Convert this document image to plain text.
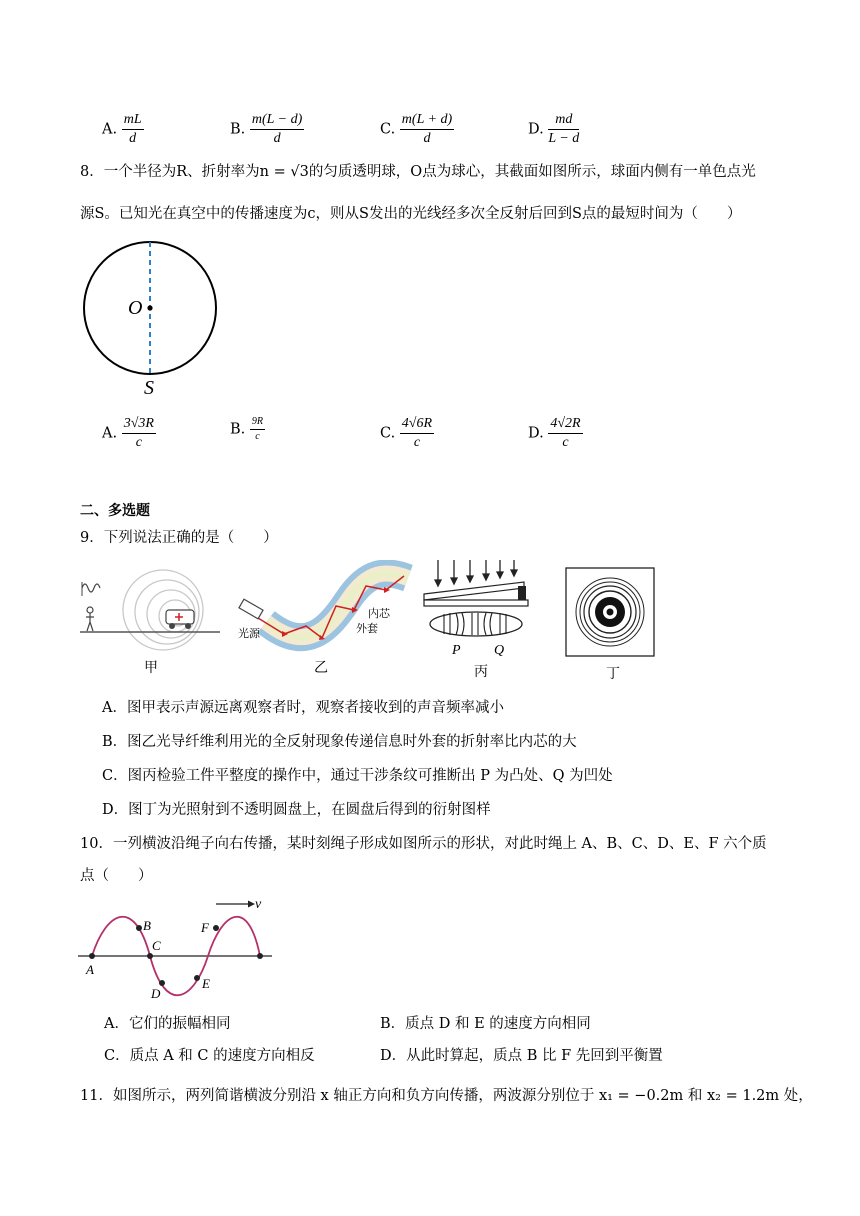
A. $\frac{mL}{d}$	B. $\frac{m(L - d)}{d}$	C. $\frac{m(L + d)}{d}$	D. $\frac{md}{L - d}$
8．一个半径为R、折射率为n = √3的匀质透明球，O点为球心，其截面如图所示，球面内侧有一单色点光
源S。已知光在真空中的传播速度为c，则从S发出的光线经多次全反射后回到S点的最短时间为（　　）
O
S
A. $\frac{3√3R}{c}$	B. $\frac{9R}{c}$	C. $\frac{4√6R}{c}$	D. $\frac{4√2R}{c}$
二、多选题
9．下列说法正确的是（　　）
甲
光源
内芯
外套
乙
P Q
丙	丁
A．图甲表示声源远离观察者时，观察者接收到的声音频率减小
B．图乙光导纤维利用光的全反射现象传递信息时外套的折射率比内芯的大
C．图丙检验工件平整度的操作中，通过干涉条纹可推断出 P 为凸处、Q 为凹处
D．图丁为光照射到不透明圆盘上，在圆盘后得到的衍射图样
10．一列横波沿绳子向右传播，某时刻绳子形成如图所示的形状，对此时绳上 A、B、C、D、E、F 六个质
点（　　）
v
A
B
C
D
E
F
A．它们的振幅相同	B．质点 D 和 E 的速度方向相同
C．质点 A 和 C 的速度方向相反	D．从此时算起，质点 B 比 F 先回到平衡置
11．如图所示，两列简谐横波分别沿 x 轴正方向和负方向传播，两波源分别位于 x₁ = −0.2m 和 x₂ = 1.2m 处，
